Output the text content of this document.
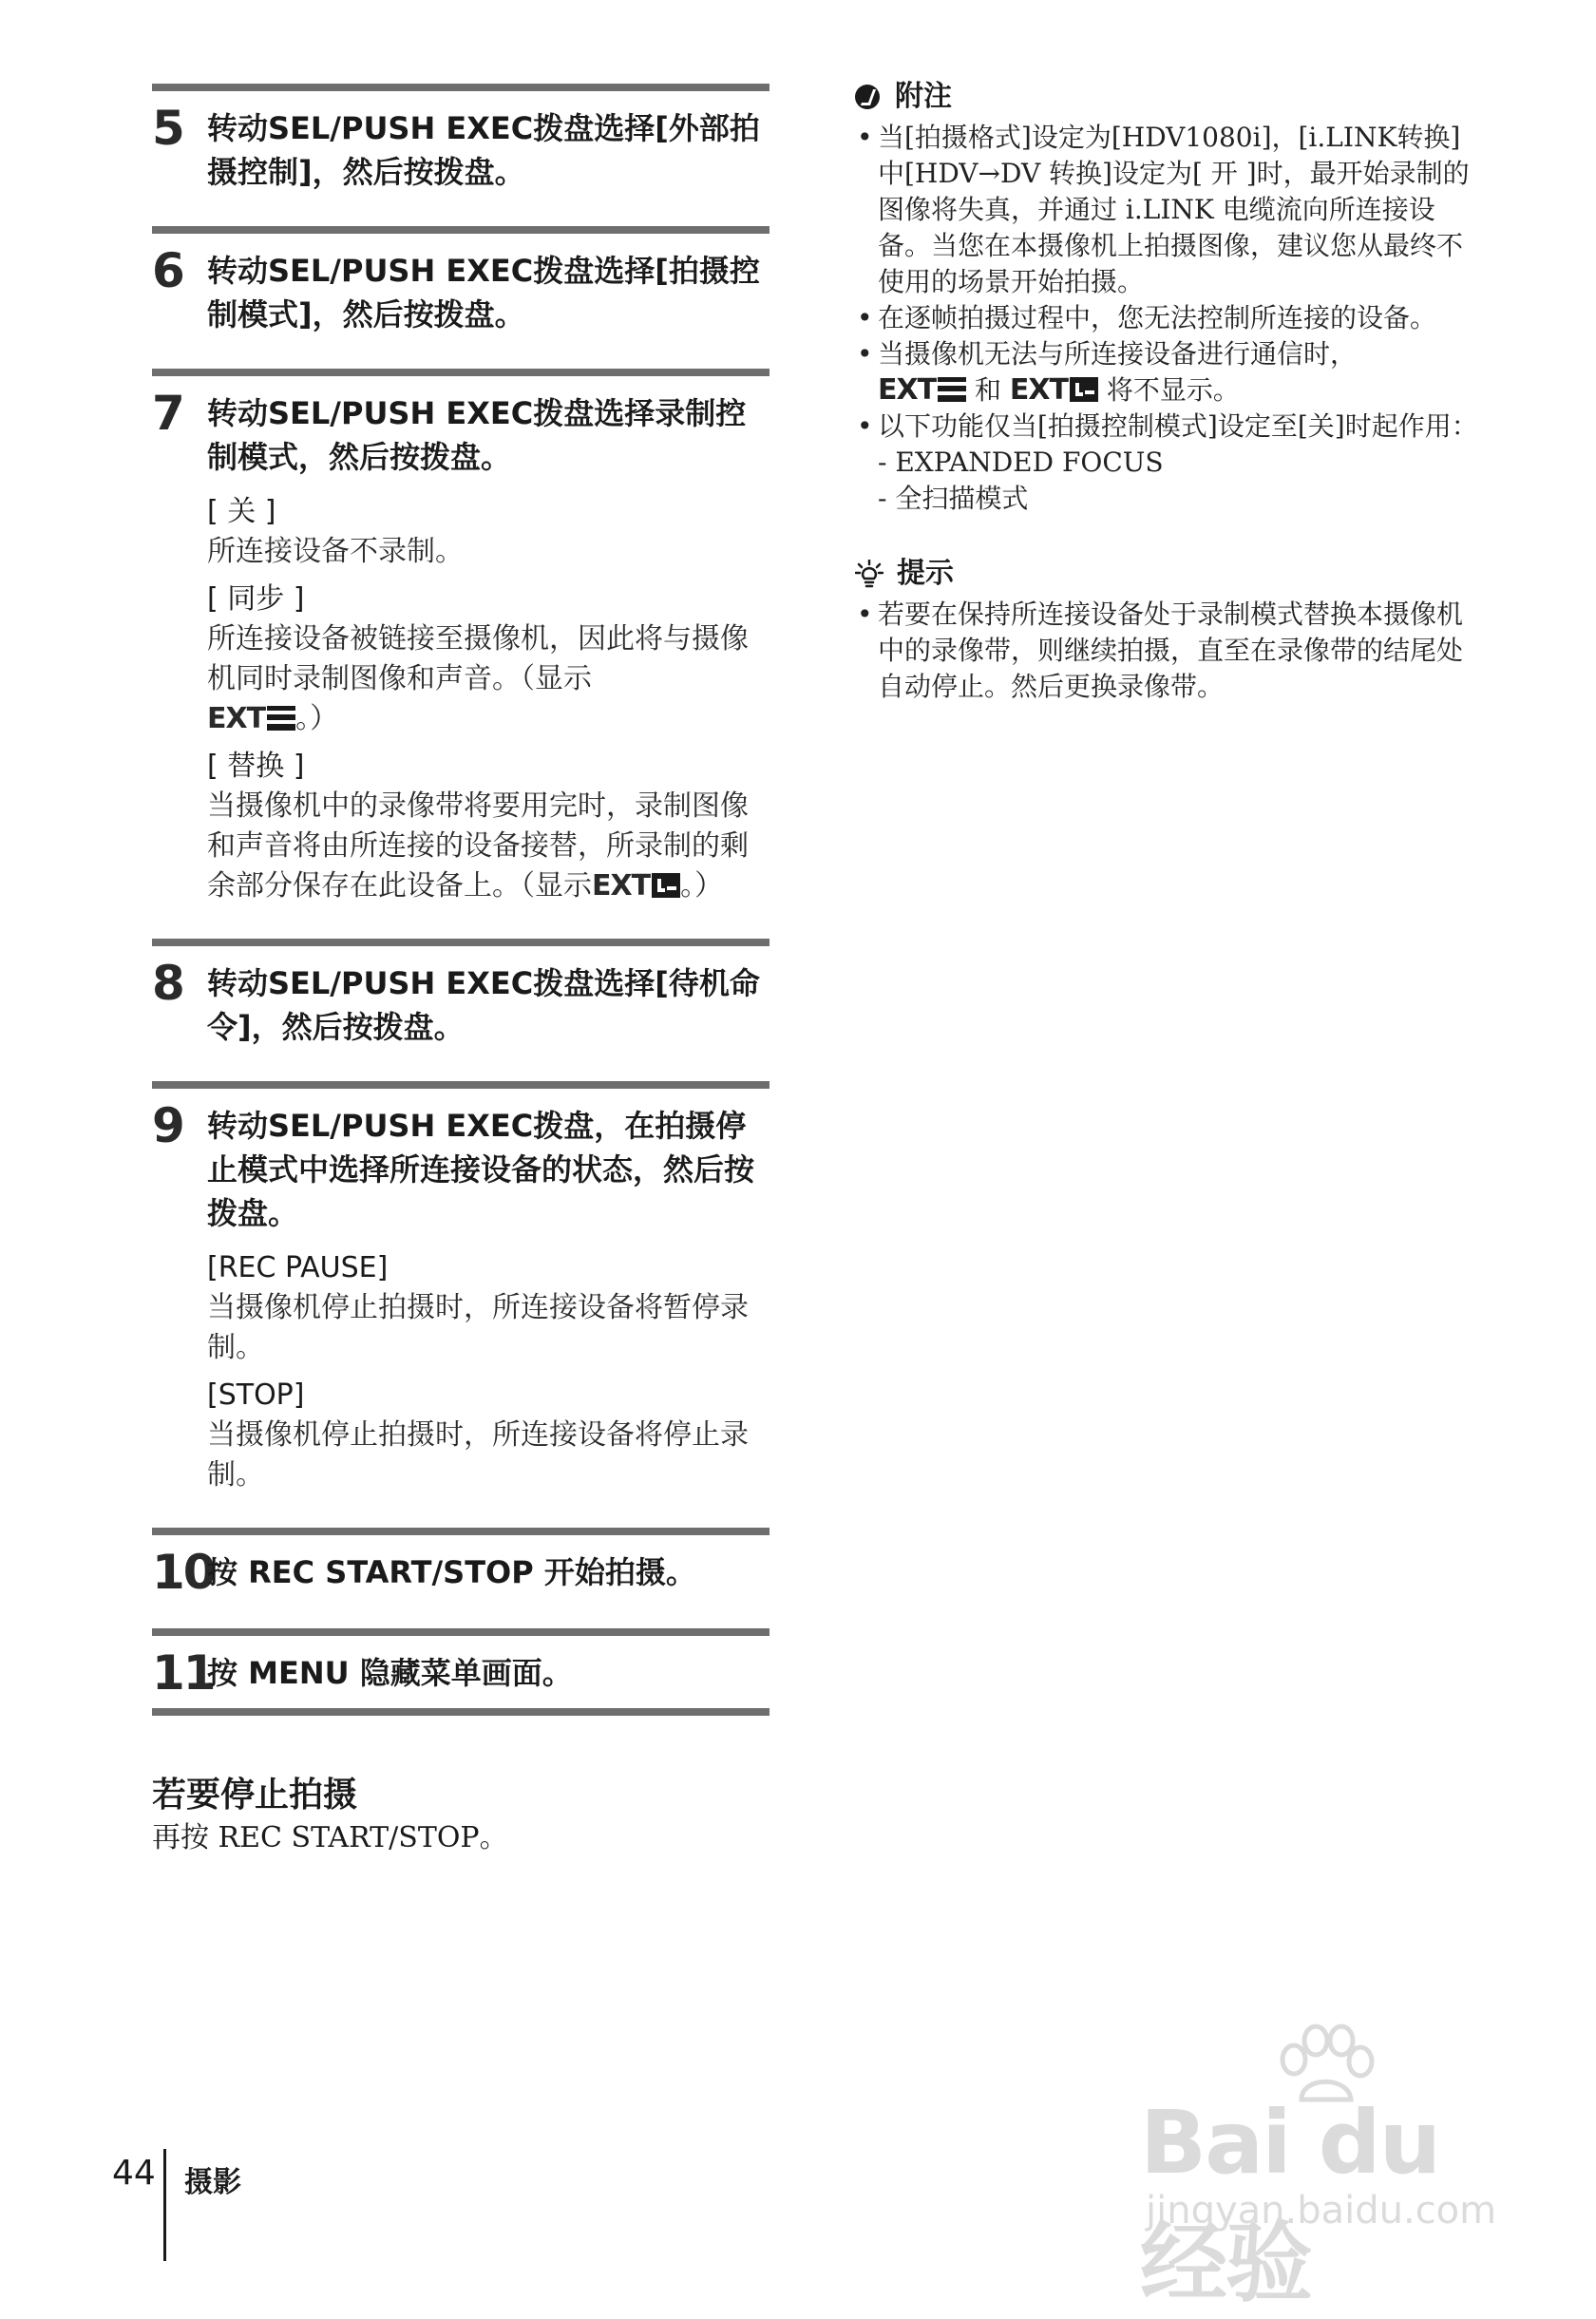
5 转动SEL/PUSH EXEC拨盘选择[外部拍摄控制]，然后按拨盘。
6 转动SEL/PUSH EXEC拨盘选择[拍摄控制模式]，然后按拨盘。
7 转动SEL/PUSH EXEC拨盘选择录制控制模式，然后按拨盘。
[ 关 ]
所连接设备不录制。
[ 同步 ]
所连接设备被链接至摄像机，因此将与摄像机同时录制图像和声音。（显示
EXT 。）
[ 替换 ]
当摄像机中的录像带将要用完时，录制图像和声音将由所连接的设备接替，所录制的剩余部分保存在此设备上。（显示EXT 。）
8 转动SEL/PUSH EXEC拨盘选择[待机命令]，然后按拨盘。
9 转动SEL/PUSH EXEC拨盘，在拍摄停止模式中选择所连接设备的状态，然后按拨盘。
[REC PAUSE]
当摄像机停止拍摄时，所连接设备将暂停录制。
[STOP]
当摄像机停止拍摄时，所连接设备将停止录制。
10
按 REC START/STOP 开始拍摄。
11
按 MENU 隐藏菜单画面。
若要停止拍摄
再按 REC START/STOP。
附注
• 当[拍摄格式]设定为[HDV1080i]，[i.LINK转换]中[HDV→DV 转换]设定为[ 开 ]时，最开始录制的图像将失真，并通过 i.LINK 电缆流向所连接设备。当您在本摄像机上拍摄图像，建议您从最终不使用的场景开始拍摄。
• 在逐帧拍摄过程中，您无法控制所连接的设备。
• 当摄像机无法与所连接设备进行通信时，
EXT 和 EXT 将不显示。
• 以下功能仅当[拍摄控制模式]设定至[关]时起作用：
- EXPANDED FOCUS
- 全扫描模式
提示
• 若要在保持所连接设备处于录制模式替换本摄像机中的录像带，则继续拍摄，直至在录像带的结尾处自动停止。然后更换录像带。
44 摄影	Bai du 经验
jingyan.baidu.com
